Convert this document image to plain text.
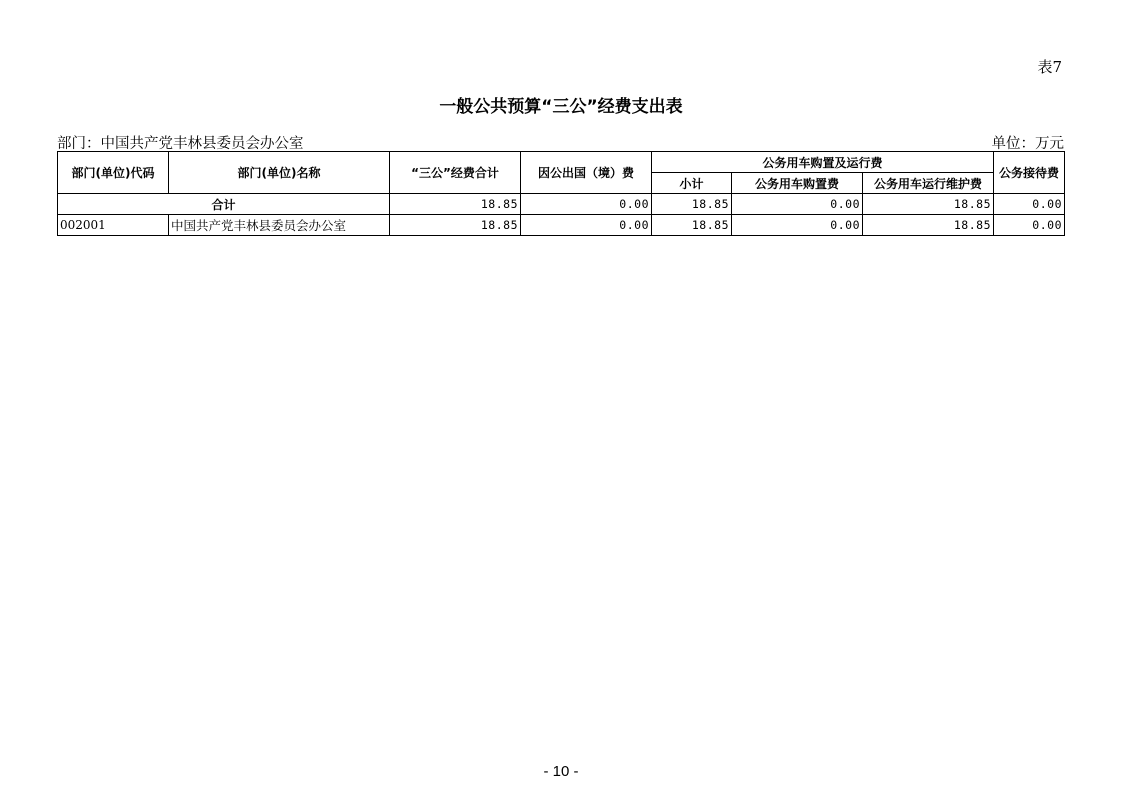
表7
一般公共预算“三公”经费支出表
部门：中国共产党丰林县委员会办公室	单位：万元
部门(单位)代码	部门(单位)名称	“三公”经费合计	因公出国（境）费	公务用车购置及运行费			公务接待费
				小计	公务用车购置费	公务用车运行维护费	
合计		18.85	0.00	18.85	0.00	18.85	0.00
002001	中国共产党丰林县委员会办公室	18.85	0.00	18.85	0.00	18.85	0.00
- 10 -
